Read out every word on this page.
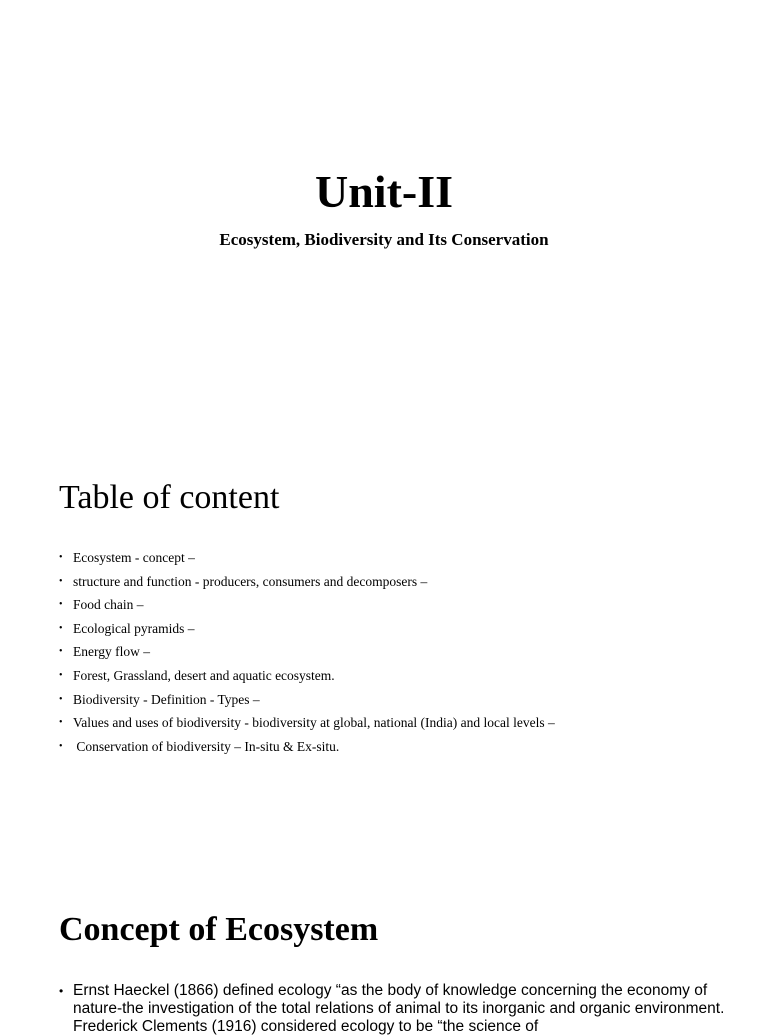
Unit-II
Ecosystem, Biodiversity and Its Conservation
Table of content
• Ecosystem - concept –
• structure and function - producers, consumers and decomposers –
• Food chain –
• Ecological pyramids –
• Energy flow –
• Forest, Grassland, desert and aquatic ecosystem.
• Biodiversity - Definition - Types –
• Values and uses of biodiversity - biodiversity at global, national (India) and local levels –
• Conservation of biodiversity – In-situ & Ex-situ.
Concept of Ecosystem
• Ernst Haeckel (1866) defined ecology “as the body of knowledge concerning the economy of nature-the investigation of the total relations of animal to its inorganic and organic environment. Frederick Clements (1916) considered ecology to be “the science of
